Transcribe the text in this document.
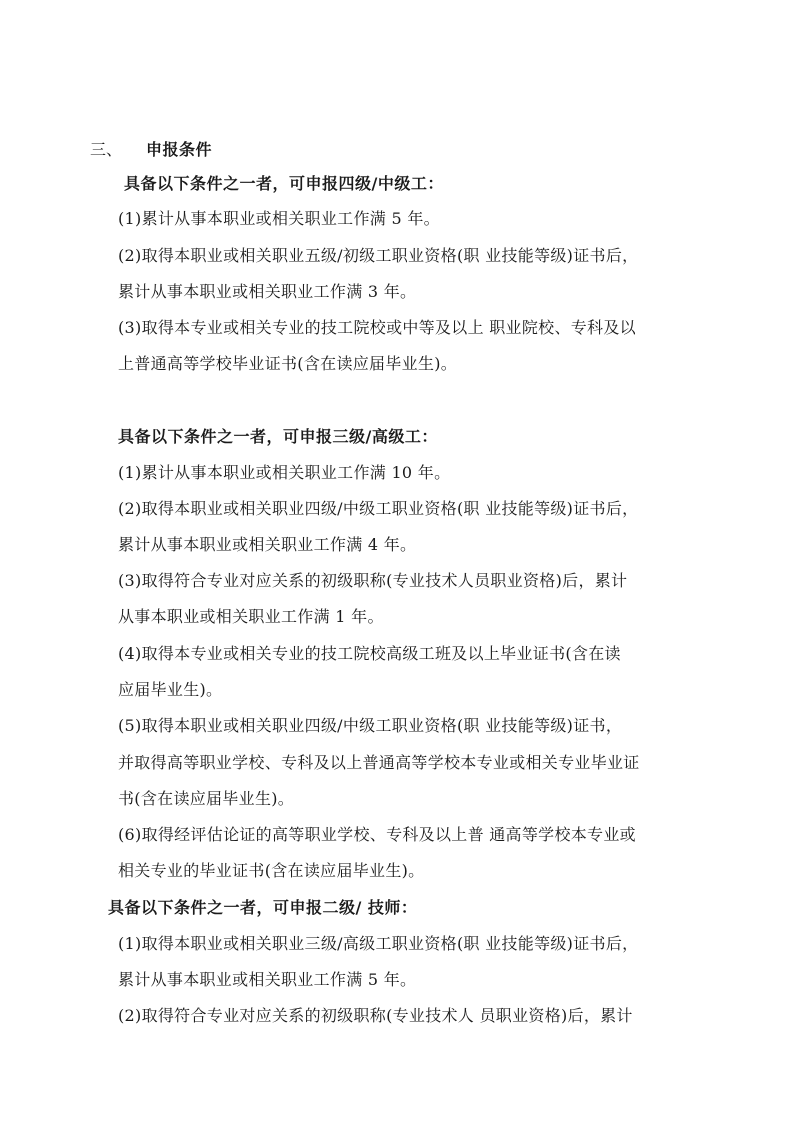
三、 申报条件
具备以下条件之一者，可申报四级/中级工：
(1)累计从事本职业或相关职业工作满 5 年。
(2)取得本职业或相关职业五级/初级工职业资格(职 业技能等级)证书后，
累计从事本职业或相关职业工作满 3 年。
(3)取得本专业或相关专业的技工院校或中等及以上 职业院校、专科及以
上普通高等学校毕业证书(含在读应届毕业生)。
具备以下条件之一者，可申报三级/高级工：
(1)累计从事本职业或相关职业工作满 10 年。
(2)取得本职业或相关职业四级/中级工职业资格(职 业技能等级)证书后，
累计从事本职业或相关职业工作满 4 年。
(3)取得符合专业对应关系的初级职称(专业技术人员职业资格)后，累计
从事本职业或相关职业工作满 1 年。
(4)取得本专业或相关专业的技工院校高级工班及以上毕业证书(含在读
应届毕业生)。
(5)取得本职业或相关职业四级/中级工职业资格(职 业技能等级)证书，
并取得高等职业学校、专科及以上普通高等学校本专业或相关专业毕业证
书(含在读应届毕业生)。
(6)取得经评估论证的高等职业学校、专科及以上普 通高等学校本专业或
相关专业的毕业证书(含在读应届毕业生)。
具备以下条件之一者，可申报二级/ 技师：
(1)取得本职业或相关职业三级/高级工职业资格(职 业技能等级)证书后，
累计从事本职业或相关职业工作满 5 年。
(2)取得符合专业对应关系的初级职称(专业技术人 员职业资格)后，累计
